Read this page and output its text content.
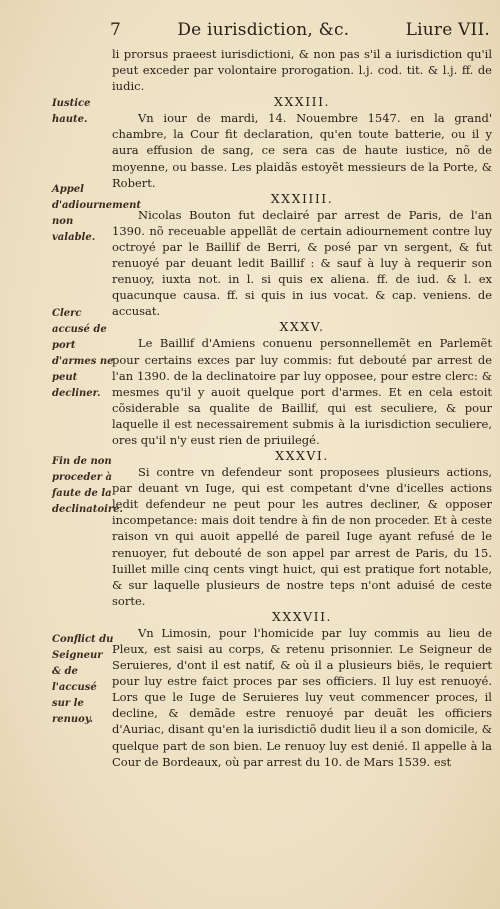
7	De iurisdiction, &c.	Liure VII.
Iustice haute.
Appel d'adiournement non valable.
Clerc accusé de port d'armes ne peut decliner.
Fin de non proceder à faute de la declinatoire.
Conflict du Seigneur & de l'accusé sur le renuoy.

li prorsus praeest iurisdictioni, & non pas s'il a iurisdiction qu'il peut exceder par volontaire prorogation. l.j. cod. tit. & l.j. ff. de iudic.

XXXIII.

Vn iour de mardi, 14. Nouembre 1547. en la grand' chambre, la Cour fit declaration, qu'en toute batterie, ou il y aura effusion de sang, ce sera cas de haute iustice, nõ de moyenne, ou basse. Les plaidãs estoyẽt messieurs de la Porte, & Robert.

XXXIIII.

Nicolas Bouton fut declairé par arrest de Paris, de l'an 1390. nõ receuable appellãt de certain adiournement contre luy octroyé par le Baillif de Berri, & posé par vn sergent, & fut renuoyé par deuant ledit Baillif : & sauf à luy à requerir son renuoy, iuxta not. in l. si quis ex aliena. ff. de iud. & l. ex quacunque causa. ff. si quis in ius vocat. & cap. veniens. de accusat.

XXXV.

Le Baillif d'Amiens conuenu personnellemẽt en Parlemẽt pour certains exces par luy commis: fut debouté par arrest de l'an 1390. de la declinatoire par luy opposee, pour estre clerc: & mesmes qu'il y auoit quelque port d'armes. Et en cela estoit cõsiderable sa qualite de Baillif, qui est seculiere, & pour laquelle il est necessairement submis à la iurisdiction seculiere, ores qu'il n'y eust rien de priuilegé.

XXXVI.

Si contre vn defendeur sont proposees plusieurs actions, par deuant vn Iuge, qui est competant d'vne d'icelles actions ledit defendeur ne peut pour les autres decliner, & opposer incompetance: mais doit tendre à fin de non proceder. Et à ceste raison vn qui auoit appellé de pareil Iuge ayant refusé de le renuoyer, fut debouté de son appel par arrest de Paris, du 15. Iuillet mille cinq cents vingt huict, qui est pratique fort notable, & sur laquelle plusieurs de nostre teps n'ont aduisé de ceste sorte.

XXXVII.

Vn Limosin, pour l'homicide par luy commis au lieu de Pleux, est saisi au corps, & retenu prisonnier. Le Seigneur de Seruieres, d'ont il est natif, & où il a plusieurs biës, le requiert pour luy estre faict proces par ses officiers. Il luy est renuoyé. Lors que le Iuge de Seruieres luy veut commencer proces, il decline, & demãde estre renuoyé par deuãt les officiers d'Auriac, disant qu'en la iurisdictiõ dudit lieu il a son domicile, & quelque part de son bien. Le renuoy luy est denié. Il appelle à la Cour de Bordeaux, où par arrest du 10. de Mars 1539. est
